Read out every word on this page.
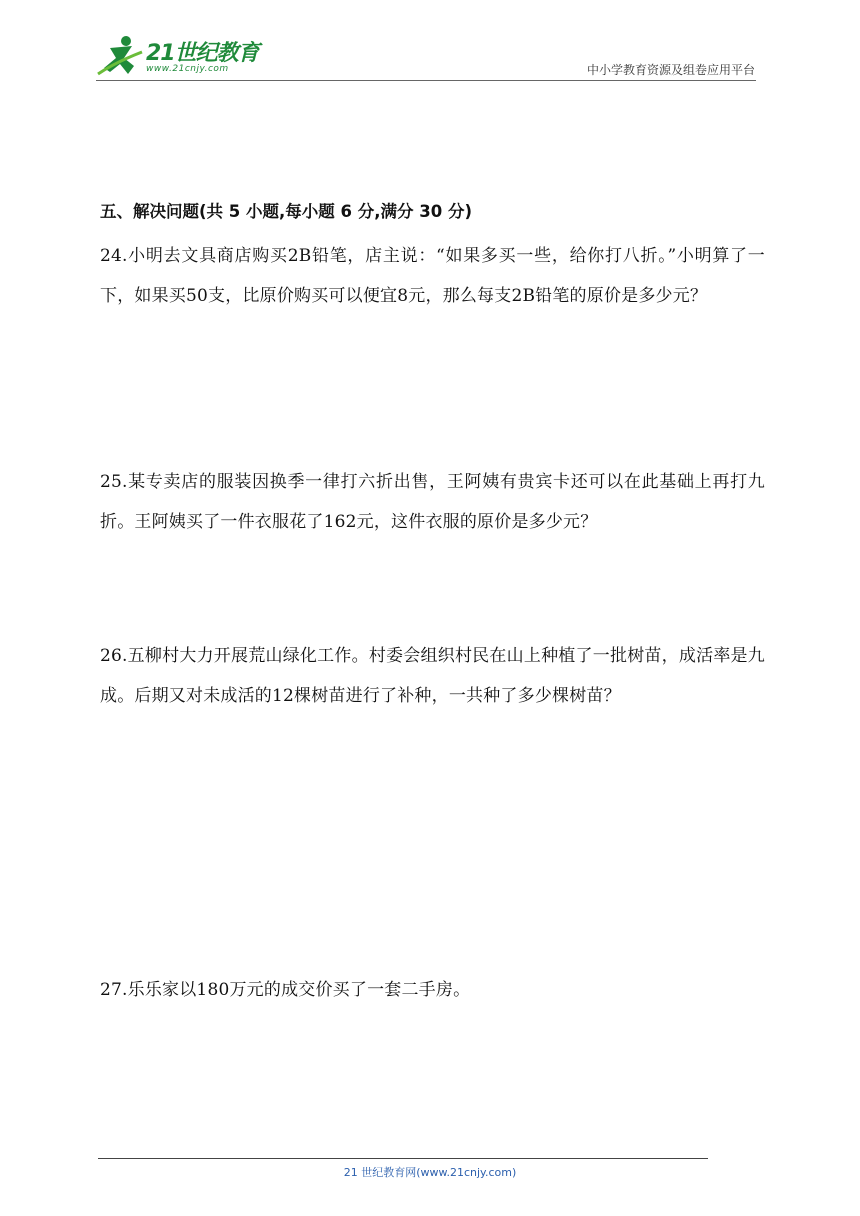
21世纪教育
www.21cnjy.com	中小学教育资源及组卷应用平台
五、解决问题(共 5 小题,每小题 6 分,满分 30 分)
24.小明去文具商店购买2B铅笔，店主说：“如果多买一些，给你打八折。”小明算了一下，如果买50支，比原价购买可以便宜8元，那么每支2B铅笔的原价是多少元？
25.某专卖店的服装因换季一律打六折出售，王阿姨有贵宾卡还可以在此基础上再打九折。王阿姨买了一件衣服花了162元，这件衣服的原价是多少元？
26.五柳村大力开展荒山绿化工作。村委会组织村民在山上种植了一批树苗，成活率是九成。后期又对未成活的12棵树苗进行了补种，一共种了多少棵树苗？
27.乐乐家以180万元的成交价买了一套二手房。
21 世纪教育网(www.21cnjy.com)
